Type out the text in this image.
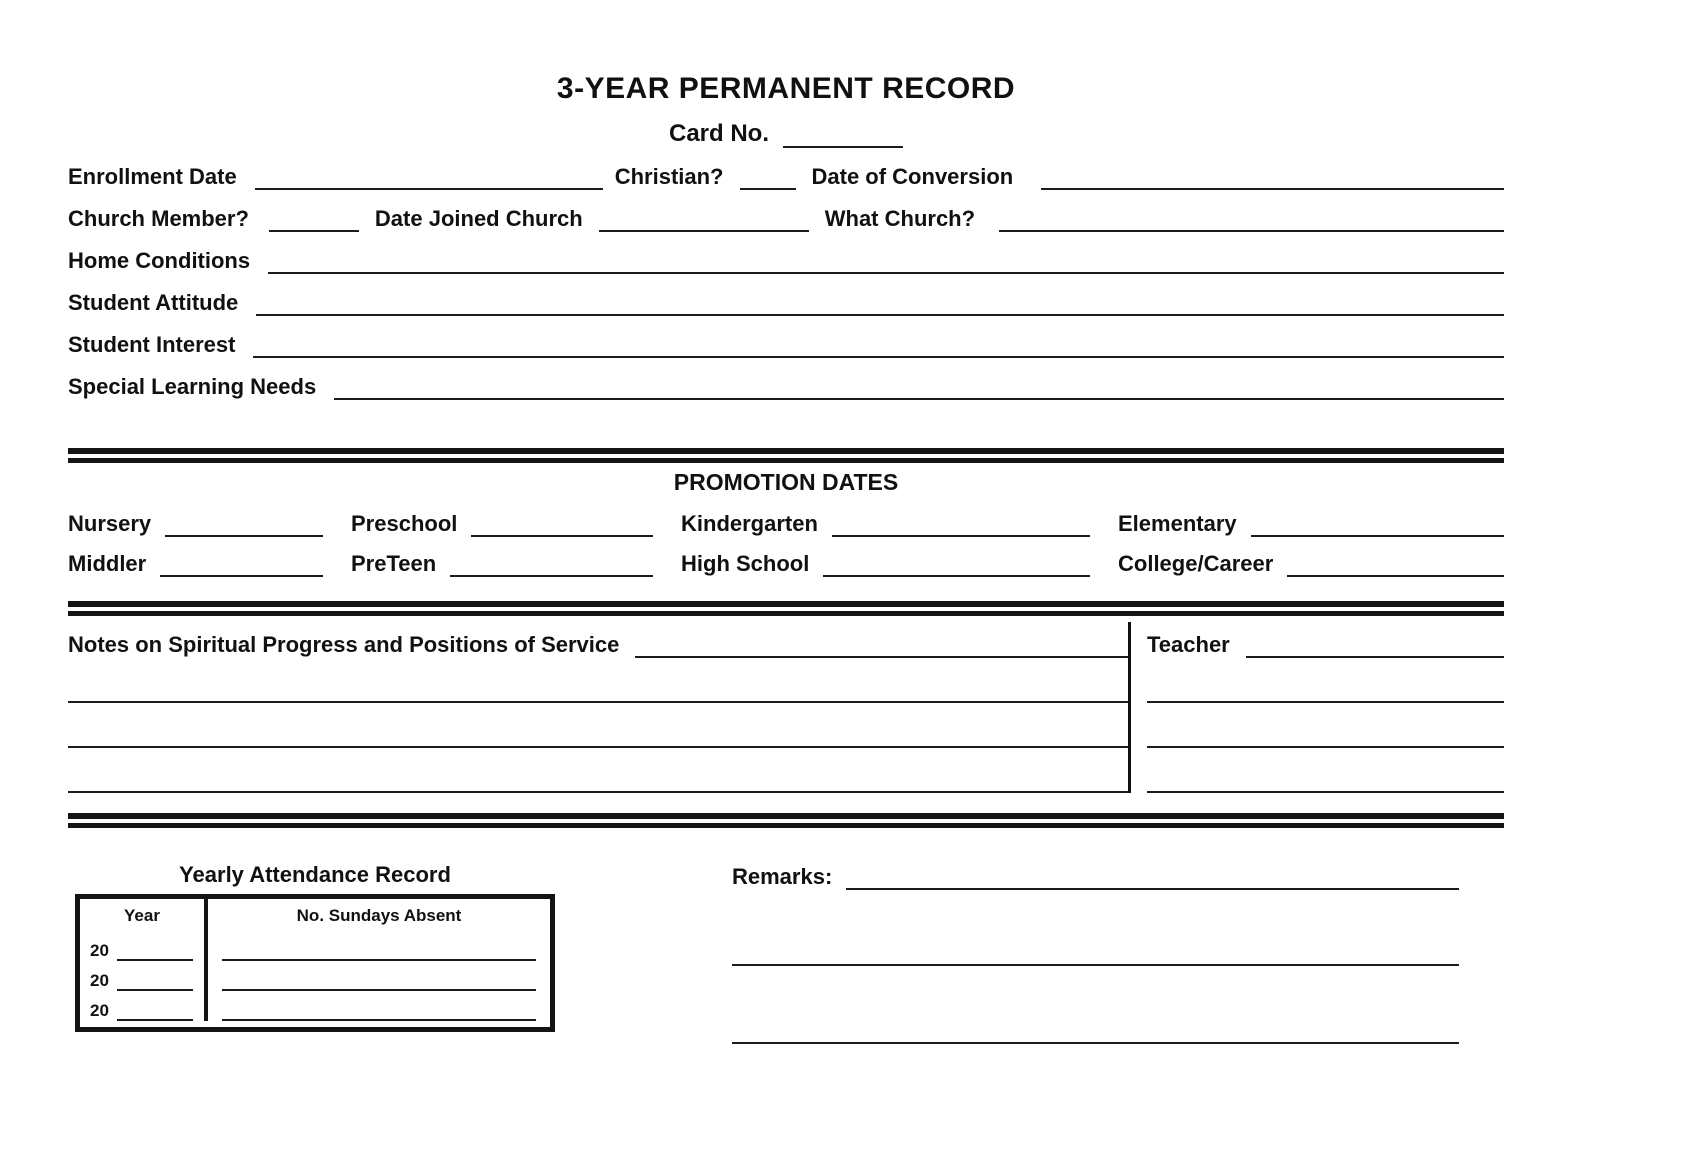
3-YEAR PERMANENT RECORD
Card No.
Enrollment Date	Christian?	Date of Conversion
Church Member?	Date Joined Church	What Church?
Home Conditions
Student Attitude
Student Interest
Special Learning Needs
PROMOTION DATES
Nursery	Preschool	Kindergarten	Elementary
Middler	PreTeen	High School	College/Career
Notes on Spiritual Progress and Positions of Service	Teacher
Yearly Attendance Record
Year	No. Sundays Absent
20
20
20
Remarks:
